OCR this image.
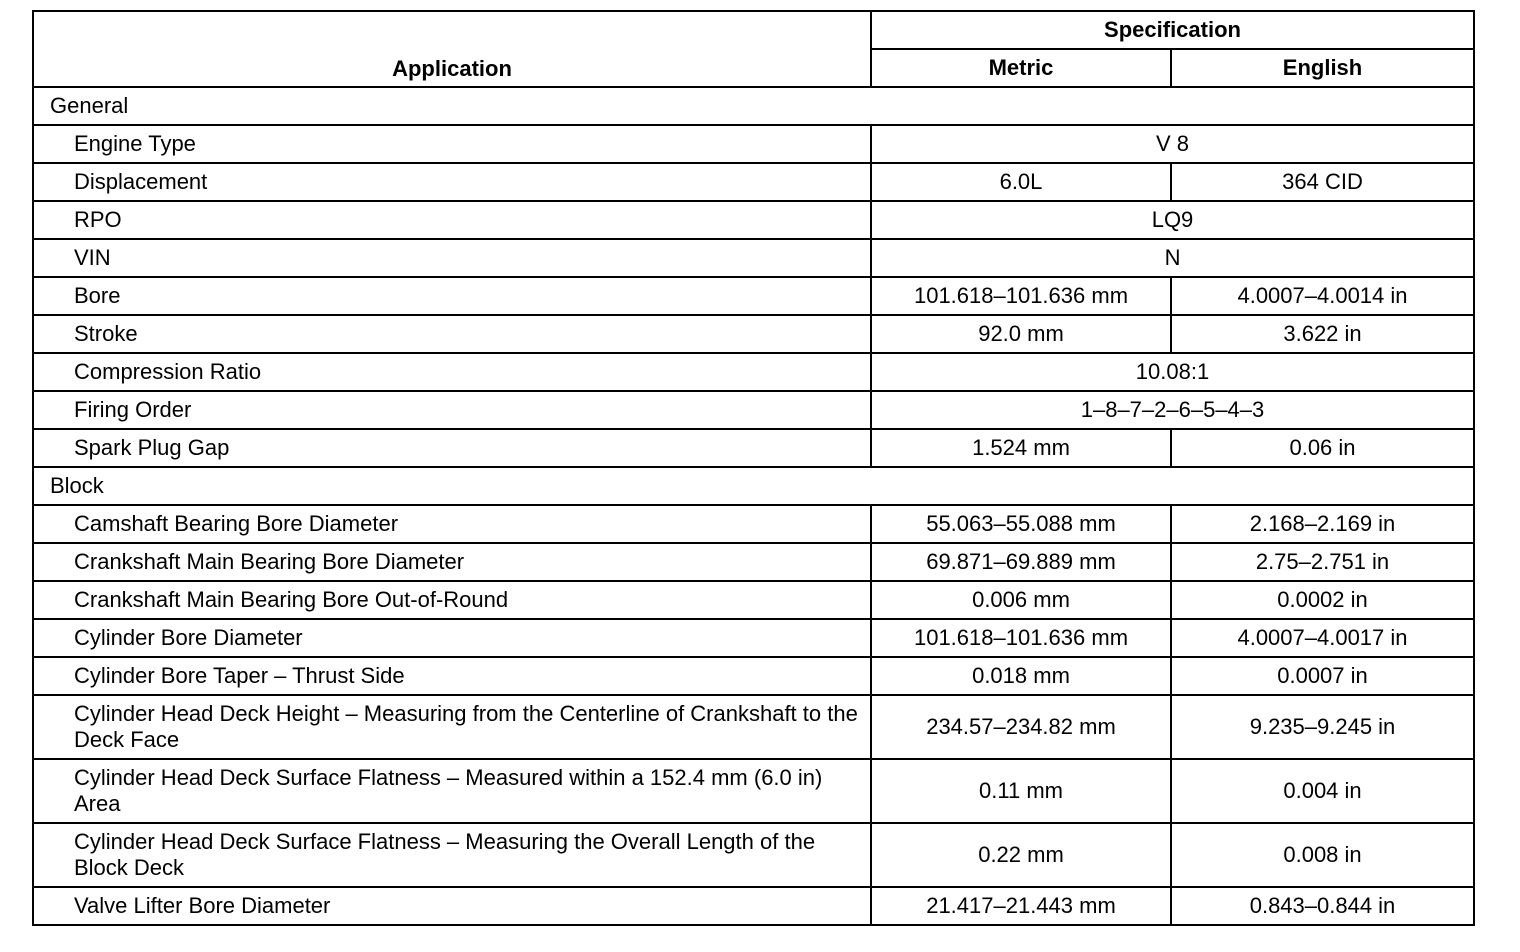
Application	Specification	
	Metric	English
General		
Engine Type	V 8	
Displacement	6.0L	364 CID
RPO	LQ9	
VIN	N	
Bore	101.618–101.636 mm	4.0007–4.0014 in
Stroke	92.0 mm	3.622 in
Compression Ratio	10.08:1	
Firing Order	1–8–7–2–6–5–4–3	
Spark Plug Gap	1.524 mm	0.06 in
Block		
Camshaft Bearing Bore Diameter	55.063–55.088 mm	2.168–2.169 in
Crankshaft Main Bearing Bore Diameter	69.871–69.889 mm	2.75–2.751 in
Crankshaft Main Bearing Bore Out-of-Round	0.006 mm	0.0002 in
Cylinder Bore Diameter	101.618–101.636 mm	4.0007–4.0017 in
Cylinder Bore Taper – Thrust Side	0.018 mm	0.0007 in
Cylinder Head Deck Height – Measuring from the Centerline of Crankshaft to the Deck Face	234.57–234.82 mm	9.235–9.245 in
Cylinder Head Deck Surface Flatness – Measured within a 152.4 mm (6.0 in) Area	0.11 mm	0.004 in
Cylinder Head Deck Surface Flatness – Measuring the Overall Length of the Block Deck	0.22 mm	0.008 in
Valve Lifter Bore Diameter	21.417–21.443 mm	0.843–0.844 in
